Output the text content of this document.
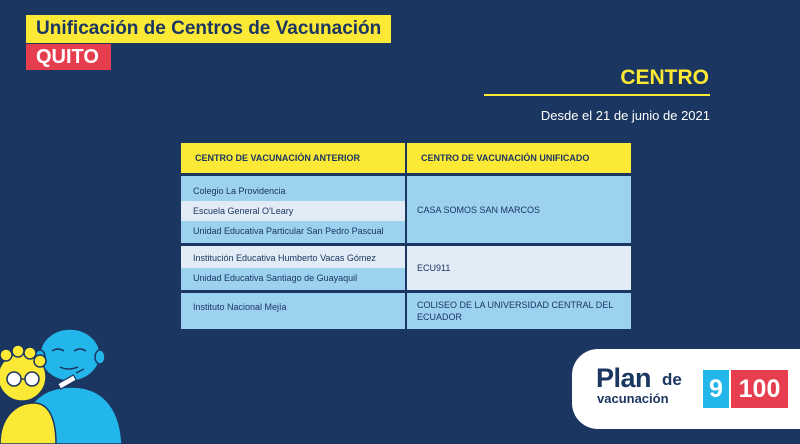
Unificación de Centros de Vacunación
QUITO
CENTRO
Desde el 21 de junio de 2021
CENTRO DE VACUNACIÓN ANTERIOR	CENTRO DE VACUNACIÓN UNIFICADO

Colegio La Providencia
Escuela General O'Leary
Unidad Educativa Particular San Pedro Pascual	CASA SOMOS SAN MARCOS

Institución Educativa Humberto Vacas Gómez
Unidad Educativa Santiago de Guayaquil	ECU911

Instituto Nacional Mejía	COLISEO DE LA UNIVERSIDAD CENTRAL DEL ECUADOR
Plan de
vacunación 9 100
